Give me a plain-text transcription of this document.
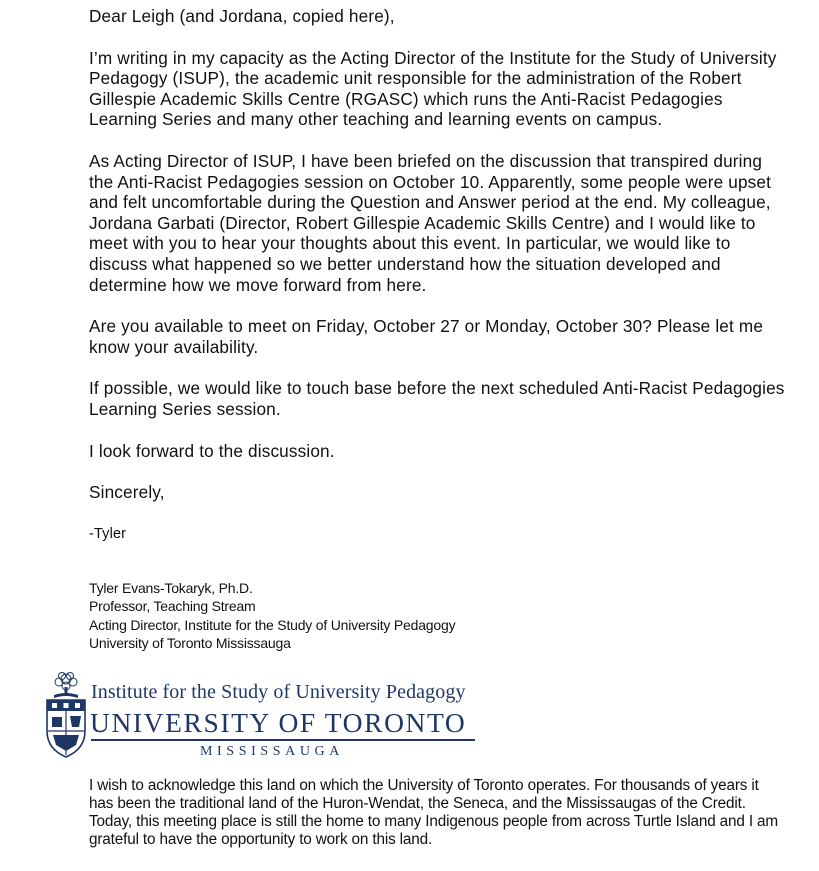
Dear Leigh (and Jordana, copied here),

I’m writing in my capacity as the Acting Director of the Institute for the Study of University Pedagogy (ISUP), the academic unit responsible for the administration of the Robert Gillespie Academic Skills Centre (RGASC) which runs the Anti-Racist Pedagogies Learning Series and many other teaching and learning events on campus.

As Acting Director of ISUP, I have been briefed on the discussion that transpired during the Anti-Racist Pedagogies session on October 10. Apparently, some people were upset and felt uncomfortable during the Question and Answer period at the end. My colleague, Jordana Garbati (Director, Robert Gillespie Academic Skills Centre) and I would like to meet with you to hear your thoughts about this event. In particular, we would like to discuss what happened so we better understand how the situation developed and determine how we move forward from here.

Are you available to meet on Friday, October 27 or Monday, October 30? Please let me know your availability.

If possible, we would like to touch base before the next scheduled Anti-Racist Pedagogies Learning Series session.

I look forward to the discussion.

Sincerely,

-Tyler

Tyler Evans-Tokaryk, Ph.D.
Professor, Teaching Stream
Acting Director, Institute for the Study of University Pedagogy
University of Toronto Mississauga
Institute for the Study of University Pedagogy
UNIVERSITY OF TORONTO
MISSISSAUGA

I wish to acknowledge this land on which the University of Toronto operates. For thousands of years it has been the traditional land of the Huron-Wendat, the Seneca, and the Mississaugas of the Credit. Today, this meeting place is still the home to many Indigenous people from across Turtle Island and I am grateful to have the opportunity to work on this land.
